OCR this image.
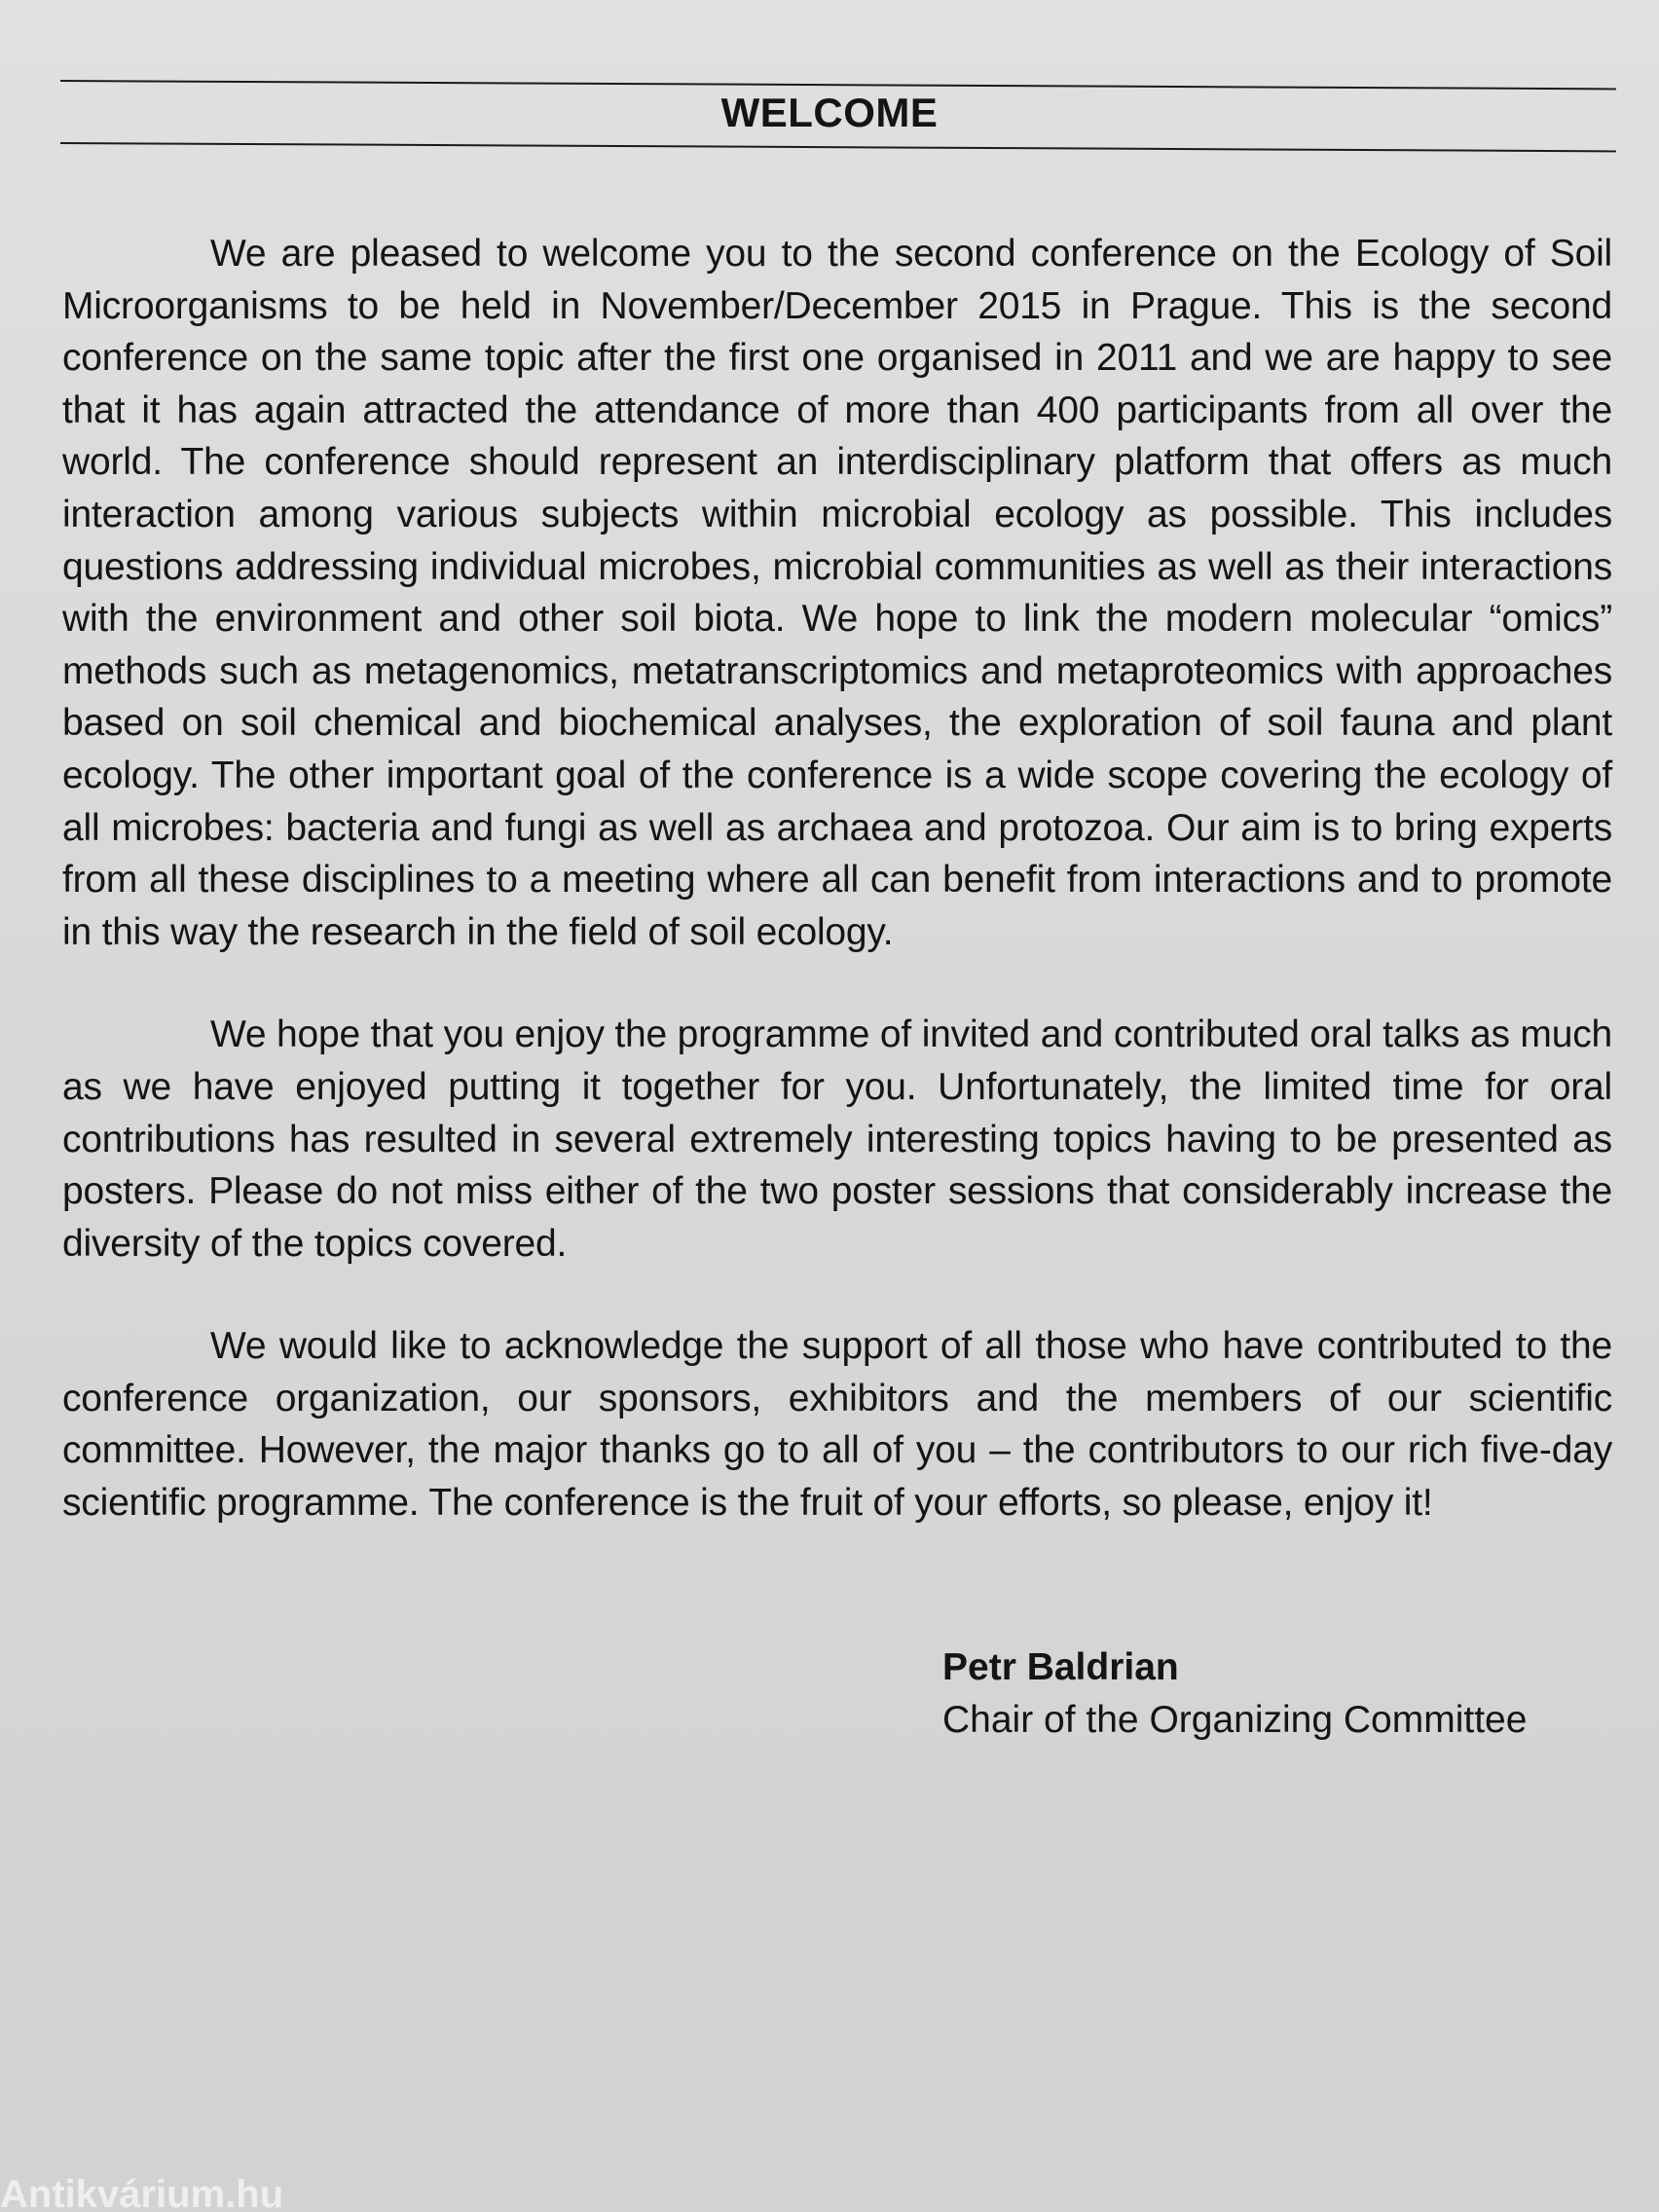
WELCOME

We are pleased to welcome you to the second conference on the Ecology of Soil Microorganisms to be held in November/December 2015 in Prague. This is the second conference on the same topic after the first one organised in 2011 and we are happy to see that it has again attracted the attendance of more than 400 participants from all over the world. The conference should represent an interdisciplinary platform that offers as much interaction among various subjects within microbial ecology as possible. This includes questions addressing individual microbes, microbial communities as well as their interactions with the environment and other soil biota. We hope to link the modern molecular “omics” methods such as metagenomics, metatranscriptomics and metaproteomics with approaches based on soil chemical and biochemical analyses, the exploration of soil fauna and plant ecology. The other important goal of the conference is a wide scope covering the ecology of all microbes: bacteria and fungi as well as archaea and protozoa. Our aim is to bring experts from all these disciplines to a meeting where all can benefit from interactions and to promote in this way the research in the field of soil ecology.

We hope that you enjoy the programme of invited and contributed oral talks as much as we have enjoyed putting it together for you. Unfortunately, the limited time for oral contributions has resulted in several extremely interesting topics having to be presented as posters. Please do not miss either of the two poster sessions that considerably increase the diversity of the topics covered.

We would like to acknowledge the support of all those who have contributed to the conference organization, our sponsors, exhibitors and the members of our scientific committee. However, the major thanks go to all of you – the contributors to our rich five-day scientific programme. The conference is the fruit of your efforts, so please, enjoy it!

Petr Baldrian
Chair of the Organizing Committee
Antikvárium.hu
